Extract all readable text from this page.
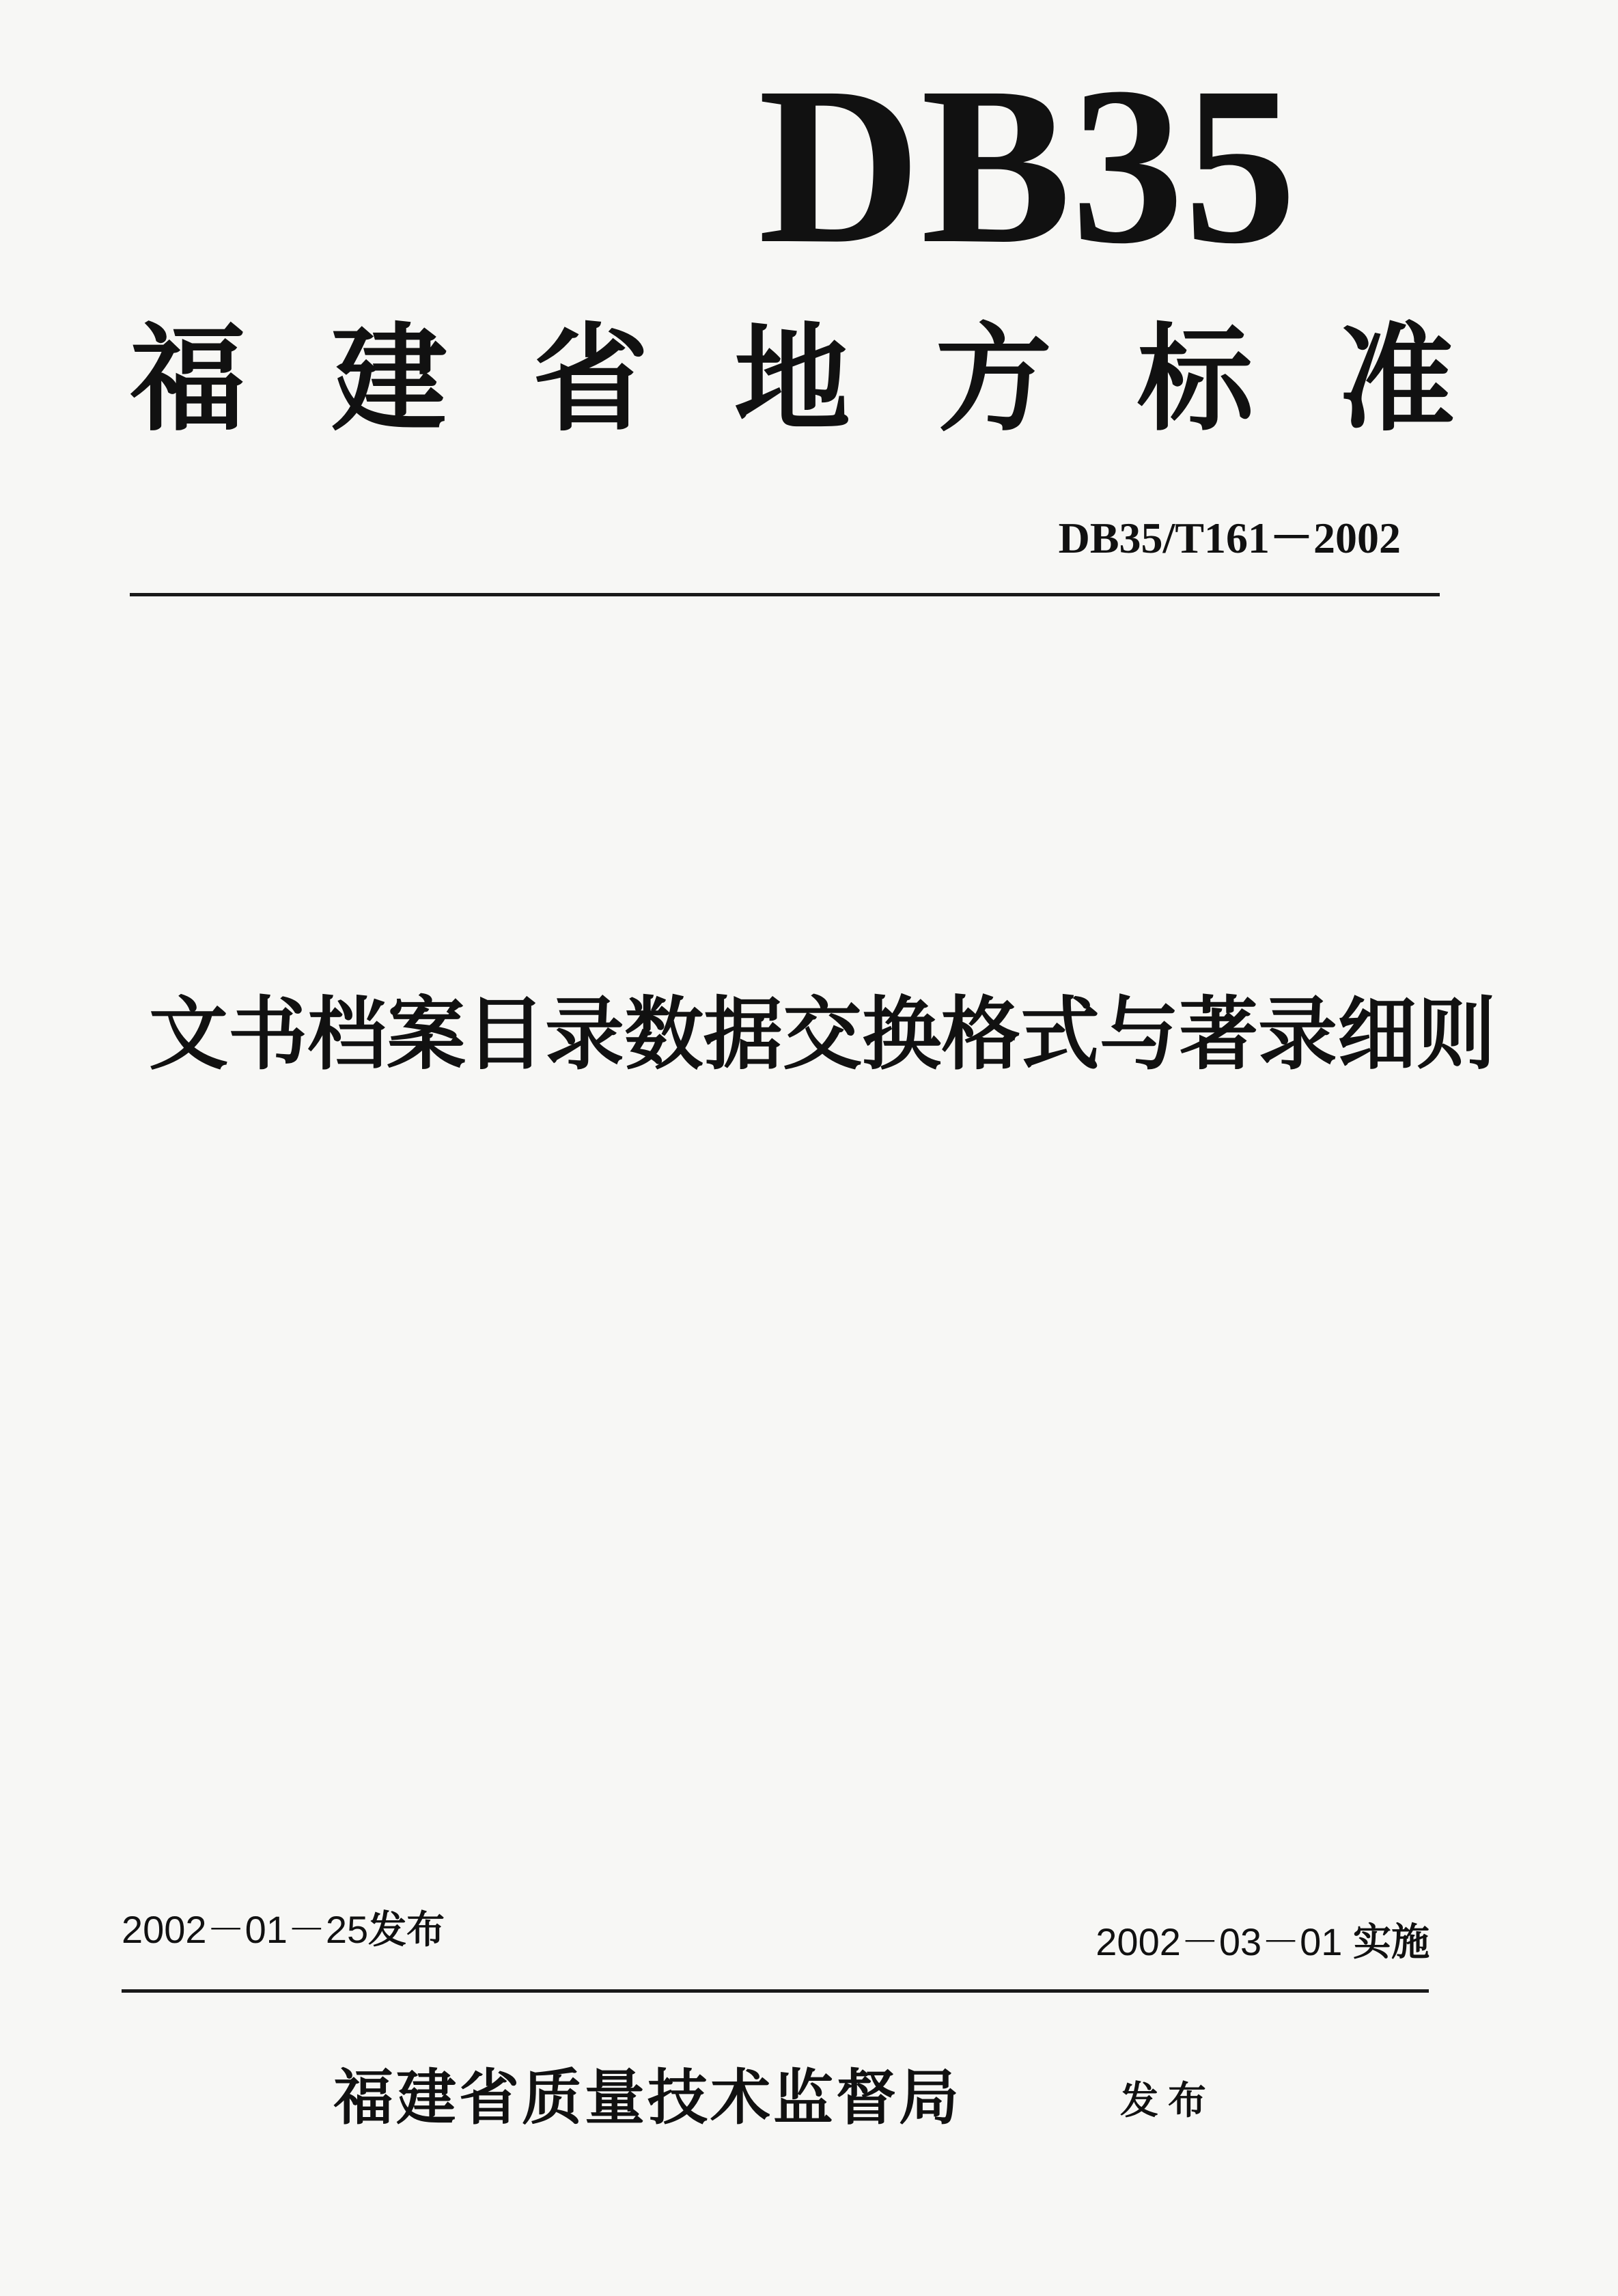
DB35
福 建 省 地 方 标 准
DB35/T161－2002
文书档案目录数据交换格式与著录细则
2002－01－25发布	2002－03－01 实施
福建省质量技术监督局	发布
